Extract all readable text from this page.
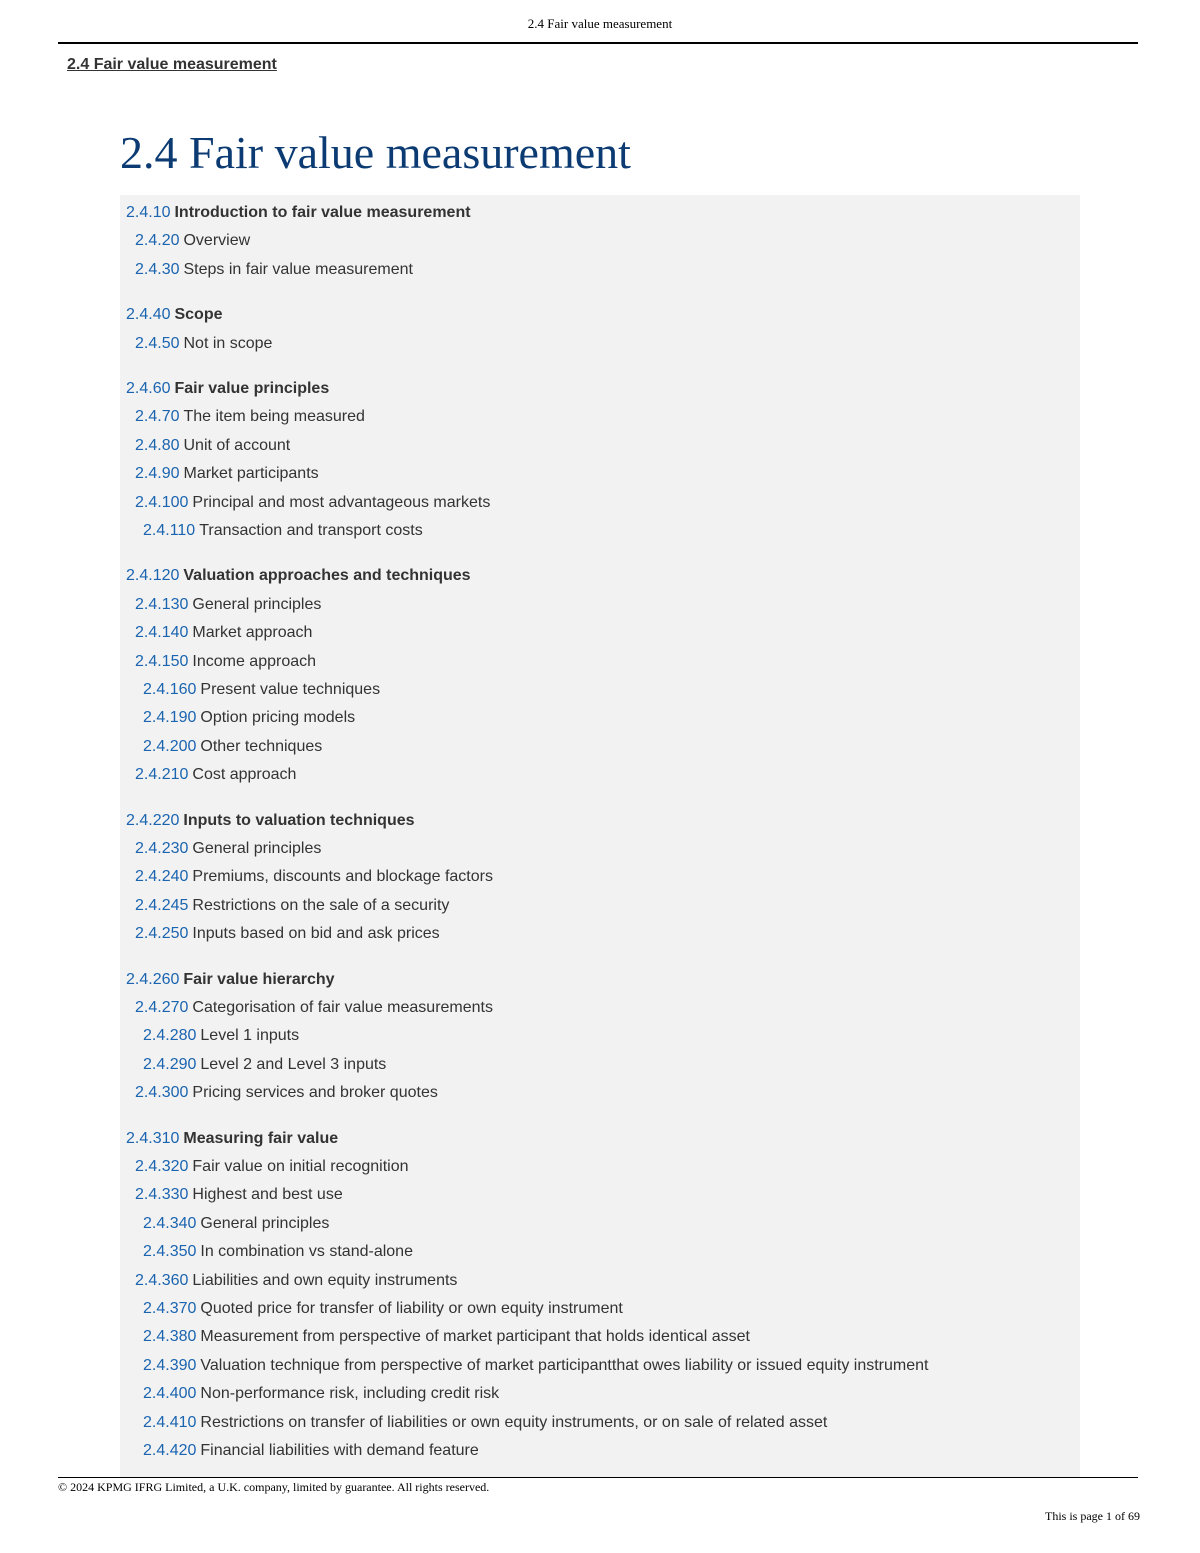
2.4 Fair value measurement
2.4 Fair value measurement
2.4 Fair value measurement
2.4.10 Introduction to fair value measurement
2.4.20 Overview
2.4.30 Steps in fair value measurement
2.4.40 Scope
2.4.50 Not in scope
2.4.60 Fair value principles
2.4.70 The item being measured
2.4.80 Unit of account
2.4.90 Market participants
2.4.100 Principal and most advantageous markets
2.4.110 Transaction and transport costs
2.4.120 Valuation approaches and techniques
2.4.130 General principles
2.4.140 Market approach
2.4.150 Income approach
2.4.160 Present value techniques
2.4.190 Option pricing models
2.4.200 Other techniques
2.4.210 Cost approach
2.4.220 Inputs to valuation techniques
2.4.230 General principles
2.4.240 Premiums, discounts and blockage factors
2.4.245 Restrictions on the sale of a security
2.4.250 Inputs based on bid and ask prices
2.4.260 Fair value hierarchy
2.4.270 Categorisation of fair value measurements
2.4.280 Level 1 inputs
2.4.290 Level 2 and Level 3 inputs
2.4.300 Pricing services and broker quotes
2.4.310 Measuring fair value
2.4.320 Fair value on initial recognition
2.4.330 Highest and best use
2.4.340 General principles
2.4.350 In combination vs stand-alone
2.4.360 Liabilities and own equity instruments
2.4.370 Quoted price for transfer of liability or own equity instrument
2.4.380 Measurement from perspective of market participant that holds identical asset
2.4.390 Valuation technique from perspective of market participantthat owes liability or issued equity instrument
2.4.400 Non-performance risk, including credit risk
2.4.410 Restrictions on transfer of liabilities or own equity instruments, or on sale of related asset
2.4.420 Financial liabilities with demand feature
© 2024 KPMG IFRG Limited, a U.K. company, limited by guarantee. All rights reserved.
This is page 1 of 69
